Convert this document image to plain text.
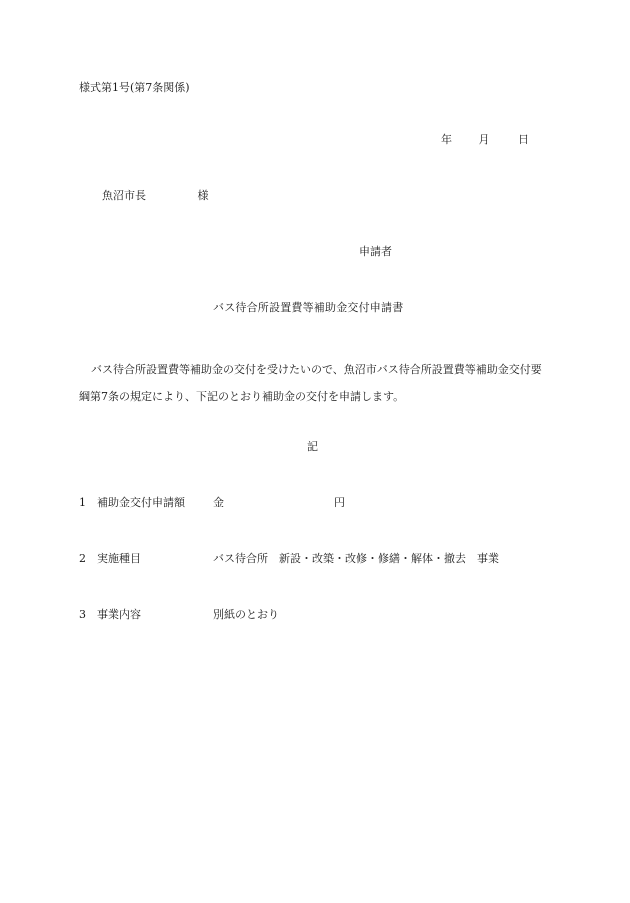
様式第1号(第7条関係)
年 月	日
魚沼市長	様
申請者
バス待合所設置費等補助金交付申請書
バス待合所設置費等補助金の交付を受けたいので、魚沼市バス待合所設置費等補助金交付要綱第7条の規定により、下記のとおり補助金の交付を申請します。
記
1 補助金交付申請額	金	円
2 実施種目	バス待合所 新設・改築・改修・修繕・解体・撤去 事業
3 事業内容	別紙のとおり
